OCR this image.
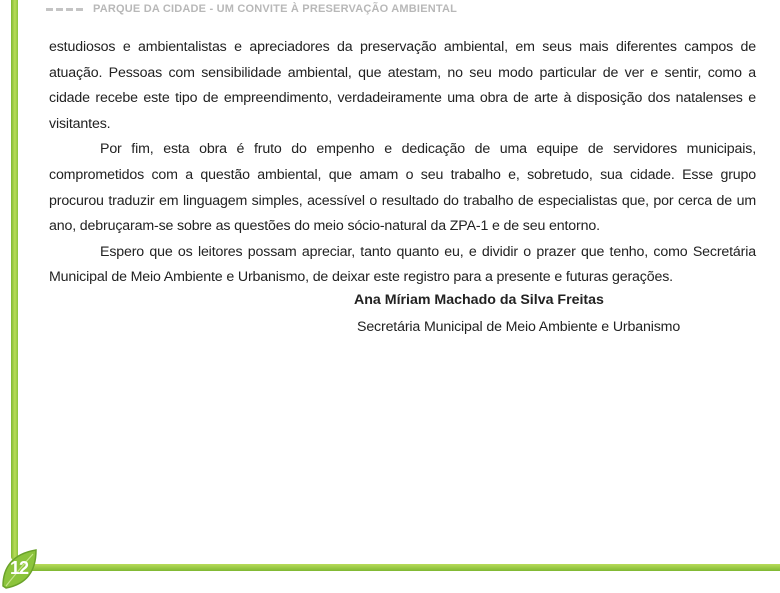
PARQUE DA CIDADE - UM CONVITE À PRESERVAÇÃO AMBIENTAL
12

estudiosos e ambientalistas e apreciadores da preservação ambiental, em seus mais diferentes campos de atuação. Pessoas com sensibilidade ambiental, que atestam, no seu modo particular de ver e sentir, como a cidade recebe este tipo de empreendimento, verdadeiramente uma obra de arte à disposição dos natalenses e visitantes.

Por fim, esta obra é fruto do empenho e dedicação de uma equipe de servidores municipais, comprometidos com a questão ambiental, que amam o seu trabalho e, sobretudo, sua cidade. Esse grupo procurou traduzir em linguagem simples, acessível o resultado do trabalho de especialistas que, por cerca de um ano, debruçaram-se sobre as questões do meio sócio-natural da ZPA-1 e de seu entorno.

Espero que os leitores possam apreciar, tanto quanto eu, e dividir o prazer que tenho, como Secretária Municipal de Meio Ambiente e Urbanismo, de deixar este registro para a presente e futuras gerações.

Ana Míriam Machado da Silva Freitas
Secretária Municipal de Meio Ambiente e Urbanismo
